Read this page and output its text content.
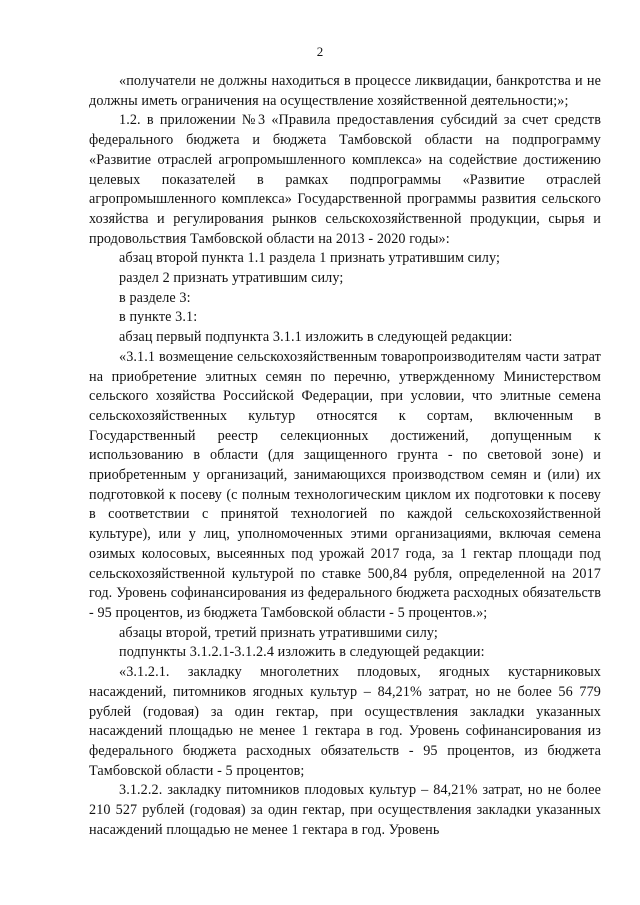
2

«получатели не должны находиться в процессе ликвидации, банкротства и не должны иметь ограничения на осуществление хозяйственной деятельности;»;

1.2. в приложении №3 «Правила предоставления субсидий за счет средств федерального бюджета и бюджета Тамбовской области на подпрограмму «Развитие отраслей агропромышленного комплекса» на содействие достижению целевых показателей в рамках подпрограммы «Развитие отраслей агропромышленного комплекса» Государственной программы развития сельского хозяйства и регулирования рынков сельскохозяйственной продукции, сырья и продовольствия Тамбовской области на 2013 - 2020 годы»:

абзац второй пункта 1.1 раздела 1 признать утратившим силу;

раздел 2 признать утратившим силу;

в разделе 3:

в пункте 3.1:

абзац первый подпункта 3.1.1 изложить в следующей редакции:

«3.1.1 возмещение сельскохозяйственным товаропроизводителям части затрат на приобретение элитных семян по перечню, утвержденному Министерством сельского хозяйства Российской Федерации, при условии, что элитные семена сельскохозяйственных культур относятся к сортам, включенным в Государственный реестр селекционных достижений, допущенным к использованию в области (для защищенного грунта - по световой зоне) и приобретенным у организаций, занимающихся производством семян и (или) их подготовкой к посеву (с полным технологическим циклом их подготовки к посеву в соответствии с принятой технологией по каждой сельскохозяйственной культуре), или у лиц, уполномоченных этими организациями, включая семена озимых колосовых, высеянных под урожай 2017 года, за 1 гектар площади под сельскохозяйственной культурой по ставке 500,84 рубля, определенной на 2017 год. Уровень софинансирования из федерального бюджета расходных обязательств - 95 процентов, из бюджета Тамбовской области - 5 процентов.»;

абзацы второй, третий признать утратившими силу;

подпункты 3.1.2.1-3.1.2.4 изложить в следующей редакции:

«3.1.2.1. закладку многолетних плодовых, ягодных кустарниковых насаждений, питомников ягодных культур – 84,21% затрат, но не более 56 779 рублей (годовая) за один гектар, при осуществления закладки указанных насаждений площадью не менее 1 гектара в год. Уровень софинансирования из федерального бюджета расходных обязательств - 95 процентов, из бюджета Тамбовской области - 5 процентов;

3.1.2.2. закладку питомников плодовых культур – 84,21% затрат, но не более 210 527 рублей (годовая) за один гектар, при осуществления закладки указанных насаждений площадью не менее 1 гектара в год. Уровень
